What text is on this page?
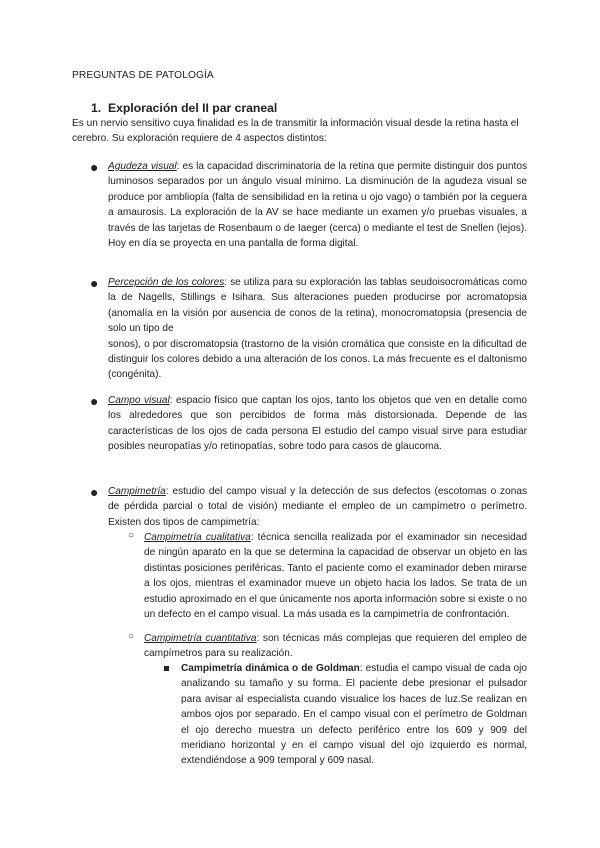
PREGUNTAS DE PATOLOGÍA
1. Exploración del II par craneal
Es un nervio sensitivo cuya finalidad es la de transmitir la información visual desde la retina hasta el cerebro. Su exploración requiere de 4 aspectos distintos:
● Agudeza visual: es la capacidad discriminatoria de la retina que permite distinguir dos puntos luminosos separados por un ángulo visual mínimo. La disminución de la agudeza visual se produce por ambliopía (falta de sensibilidad en la retina u ojo vago) o también por la ceguera a amaurosis. La exploración de la AV se hace mediante un examen y/o pruebas visuales, a través de las tarjetas de Rosenbaum o de Iaeger (cerca) o mediante el test de Snellen (lejos). Hoy en día se proyecta en una pantalla de forma digital.
● Percepción de los colores: se utiliza para su exploración las tablas seudoisocromáticas como la de Nagells, Stillings e Isihara. Sus alteraciones pueden producirse por acromatopsia (anomalía en la visión por ausencia de conos de la retina), monocromatopsia (presencia de solo un tipo de
sonos), o por discromatopsia (trastorno de la visión cromática que consiste en la dificultad de distinguir los colores debido a una alteración de los conos. La más frecuente es el daltonismo (congénita).
● Campo visual: espacio físico que captan los ojos, tanto los objetos que ven en detalle como los alrededores que son percibidos de forma más distorsionada. Depende de las características de los ojos de cada persona El estudio del campo visual sirve para estudiar posibles neuropatías y/o retinopatías, sobre todo para casos de glaucoma.
● Campimetría: estudio del campo visual y la detección de sus defectos (escotomas o zonas de pérdida parcial o total de visión) mediante el empleo de un campímetro o perímetro. Existen dos tipos de campimetría:
○ Campimetría cualitativa: técnica sencilla realizada por el examinador sin necesidad de ningún aparato en la que se determina la capacidad de observar un objeto en las distintas posiciones periféricas. Tanto el paciente como el examinador deben mirarse a los ojos, mientras el examinador mueve un objeto hacia los lados. Se trata de un estudio aproximado en el que únicamente nos aporta información sobre si existe o no un defecto en el campo visual. La más usada es la campimetría de confrontación.
○ Campimetría cuantitativa: son técnicas más complejas que requieren del empleo de campímetros para su realización.
Campimetría dinámica o de Goldman: estudia el campo visual de cada ojo analizando su tamaño y su forma. El paciente debe presionar el pulsador para avisar al especialista cuando visualice los haces de luz.Se realizan en ambos ojos por separado. En el campo visual con el perímetro de Goldman el ojo derecho muestra un defecto periférico entre los 609 y 909 del meridiano horizontal y en el campo visual del ojo izquierdo es normal, extendiéndose a 909 temporal y 609 nasal.
